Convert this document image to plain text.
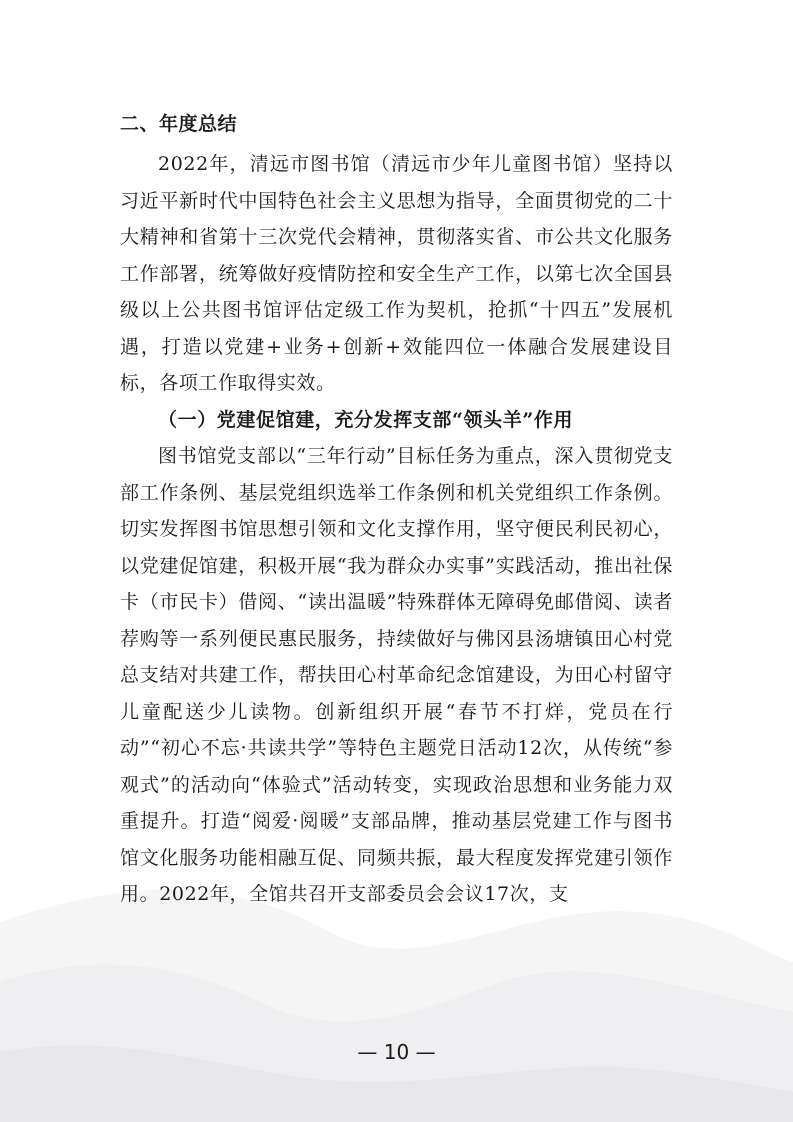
二、年度总结

2022年，清远市图书馆（清远市少年儿童图书馆）坚持以习近平新时代中国特色社会主义思想为指导，全面贯彻党的二十大精神和省第十三次党代会精神，贯彻落实省、市公共文化服务工作部署，统筹做好疫情防控和安全生产工作，以第七次全国县级以上公共图书馆评估定级工作为契机，抢抓“十四五”发展机遇，打造以党建+业务+创新+效能四位一体融合发展建设目标，各项工作取得实效。

（一）党建促馆建，充分发挥支部“领头羊”作用

图书馆党支部以“三年行动”目标任务为重点，深入贯彻党支部工作条例、基层党组织选举工作条例和机关党组织工作条例。切实发挥图书馆思想引领和文化支撑作用，坚守便民利民初心，以党建促馆建，积极开展“我为群众办实事”实践活动，推出社保卡（市民卡）借阅、“读出温暖”特殊群体无障碍免邮借阅、读者荐购等一系列便民惠民服务，持续做好与佛冈县汤塘镇田心村党总支结对共建工作，帮扶田心村革命纪念馆建设，为田心村留守儿童配送少儿读物。创新组织开展“春节不打烊，党员在行动”“初心不忘·共读共学”等特色主题党日活动12次，从传统“参观式”的活动向“体验式”活动转变，实现政治思想和业务能力双重提升。打造“阅爱·阅暖”支部品牌，推动基层党建工作与图书馆文化服务功能相融互促、同频共振，最大程度发挥党建引领作用。2022年，全馆共召开支部委员会会议17次，支

— 10 —
